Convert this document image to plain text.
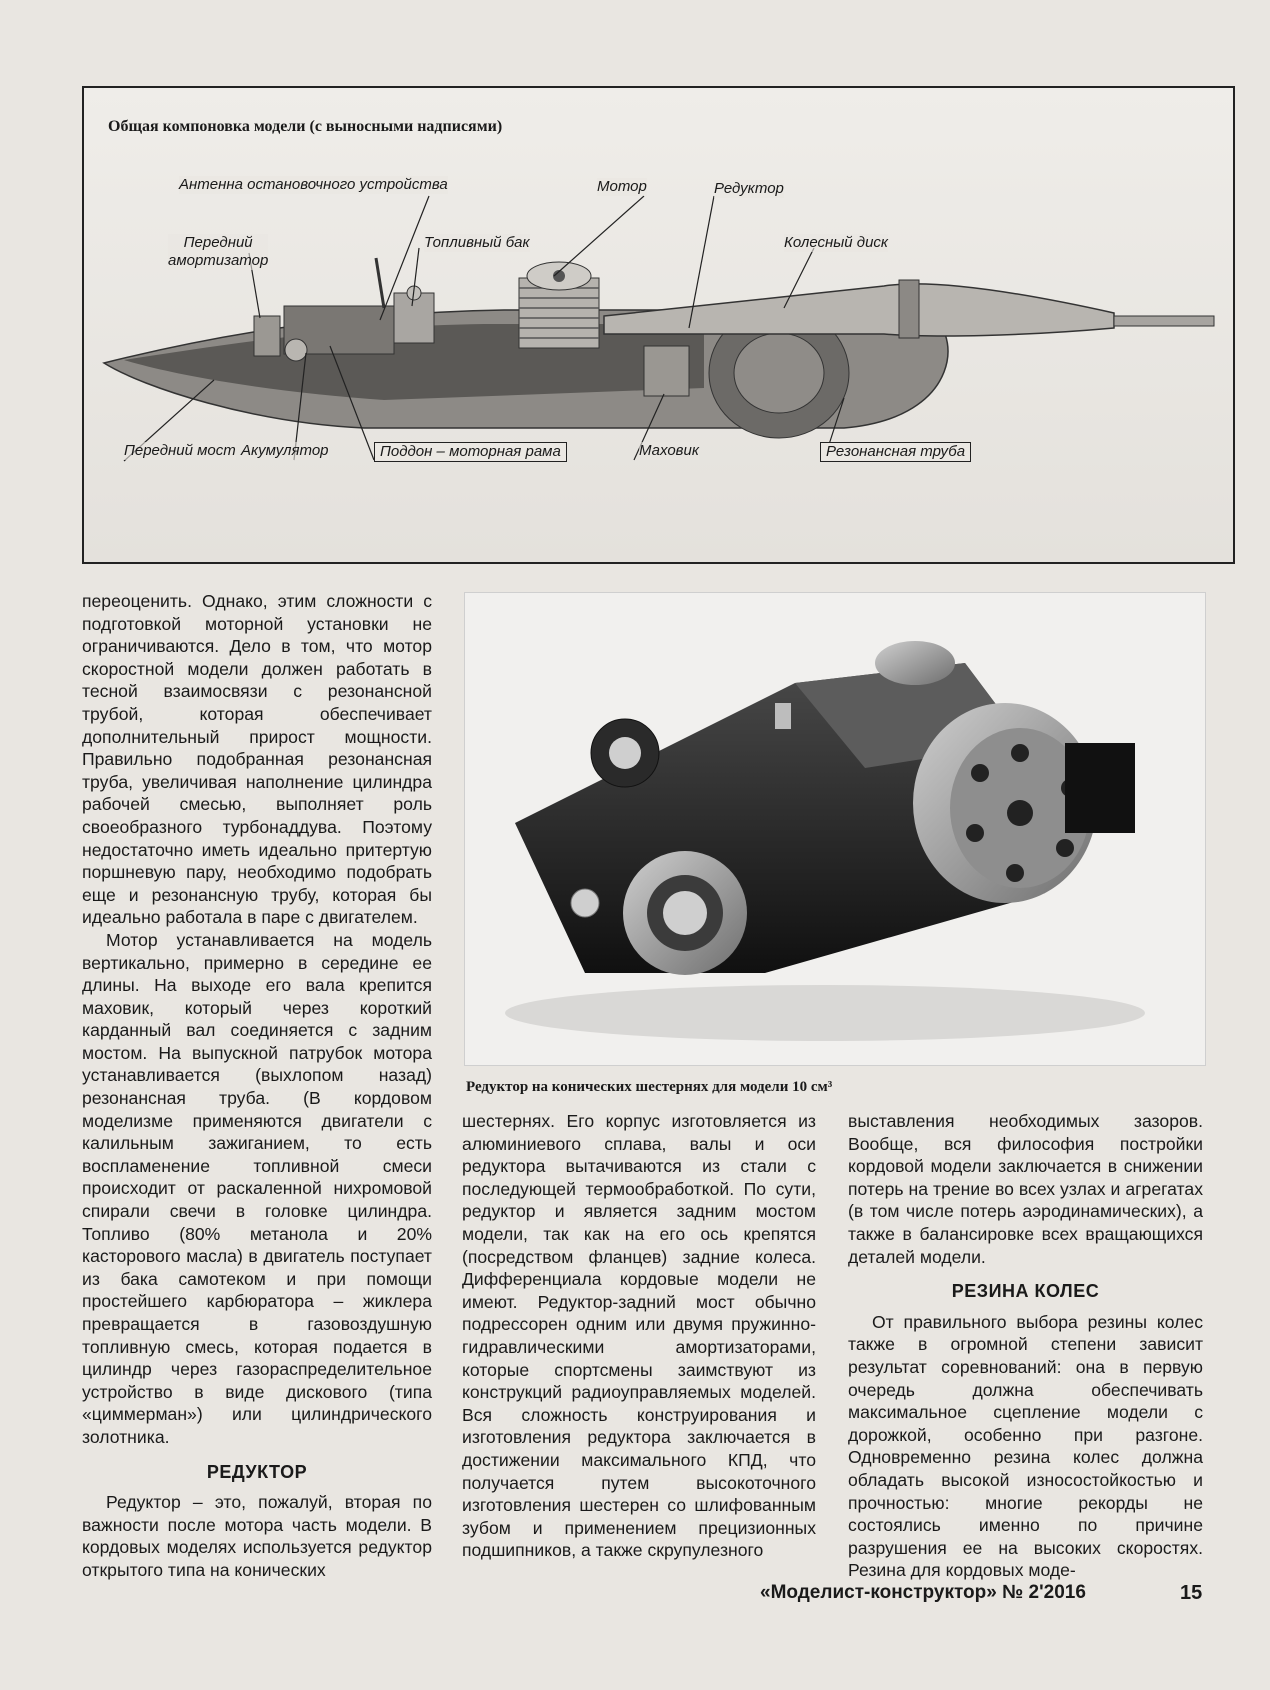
Общая компоновка модели (с выносными надписями)
Антенна остановочного устройства	Мотор	Редуктор
Передний
амортизатор
Топливный бак	Колесный диск
Передний мост Акумулятор	Поддон – моторная рама	Маховик	Резонансная труба

переоценить. Однако, этим сложности с подготовкой моторной установки не ограничиваются. Дело в том, что мотор скоростной модели должен работать в тесной взаимосвязи с резонансной трубой, которая обеспечивает дополнительный прирост мощности. Правильно подобранная резонансная труба, увеличивая наполнение цилиндра рабочей смесью, выполняет роль своеобразного турбонаддува. Поэтому недостаточно иметь идеально притертую поршневую пару, необходимо подобрать еще и резонансную трубу, которая бы идеально работала в паре с двигателем.

Мотор устанавливается на модель вертикально, примерно в середине ее длины. На выходе его вала крепится маховик, который через короткий карданный вал соединяется с задним мостом. На выпускной патрубок мотора устанавливается (выхлопом назад) резонансная труба. (В кордовом моделизме применяются двигатели с калильным зажиганием, то есть воспламенение топливной смеси происходит от раскаленной нихромовой спирали свечи в головке цилиндра. Топливо (80% метанола и 20% касторового масла) в двигатель поступает из бака самотеком и при помощи простейшего карбюратора – жиклера превращается в газовоздушную топливную смесь, которая подается в цилиндр через газораспределительное устройство в виде дискового (типа «циммерман») или цилиндрического золотника.

РЕДУКТОР

Редуктор – это, пожалуй, вторая по важности после мотора часть модели. В кордовых моделях используется редуктор открытого типа на конических

Редуктор на конических шестернях для модели 10 см³

шестернях. Его корпус изготовляется из алюминиевого сплава, валы и оси редуктора вытачиваются из стали с последующей термообработкой. По сути, редуктор и является задним мостом модели, так как на его ось крепятся (посредством фланцев) задние колеса. Дифференциала кордовые модели не имеют. Редуктор-задний мост обычно подрессорен одним или двумя пружинно-гидравлическими амортизаторами, которые спортсмены заимствуют из конструкций радиоуправляемых моделей. Вся сложность конструирования и изготовления редуктора заключается в достижении максимального КПД, что получается путем высокоточного изготовления шестерен со шлифованным зубом и применением прецизионных подшипников, а также скрупулезного

выставления необходимых зазоров. Вообще, вся философия постройки кордовой модели заключается в снижении потерь на трение во всех узлах и агрегатах (в том числе потерь аэродинамических), а также в балансировке всех вращающихся деталей модели.

РЕЗИНА КОЛЕС

От правильного выбора резины колес также в огромной степени зависит результат соревнований: она в первую очередь должна обеспечивать максимальное сцепление модели с дорожкой, особенно при разгоне. Одновременно резина колес должна обладать высокой износостойкостью и прочностью: многие рекорды не состоялись именно по причине разрушения ее на высоких скоростях. Резина для кордовых моде-

«Моделист-конструктор» № 2'2016	15
